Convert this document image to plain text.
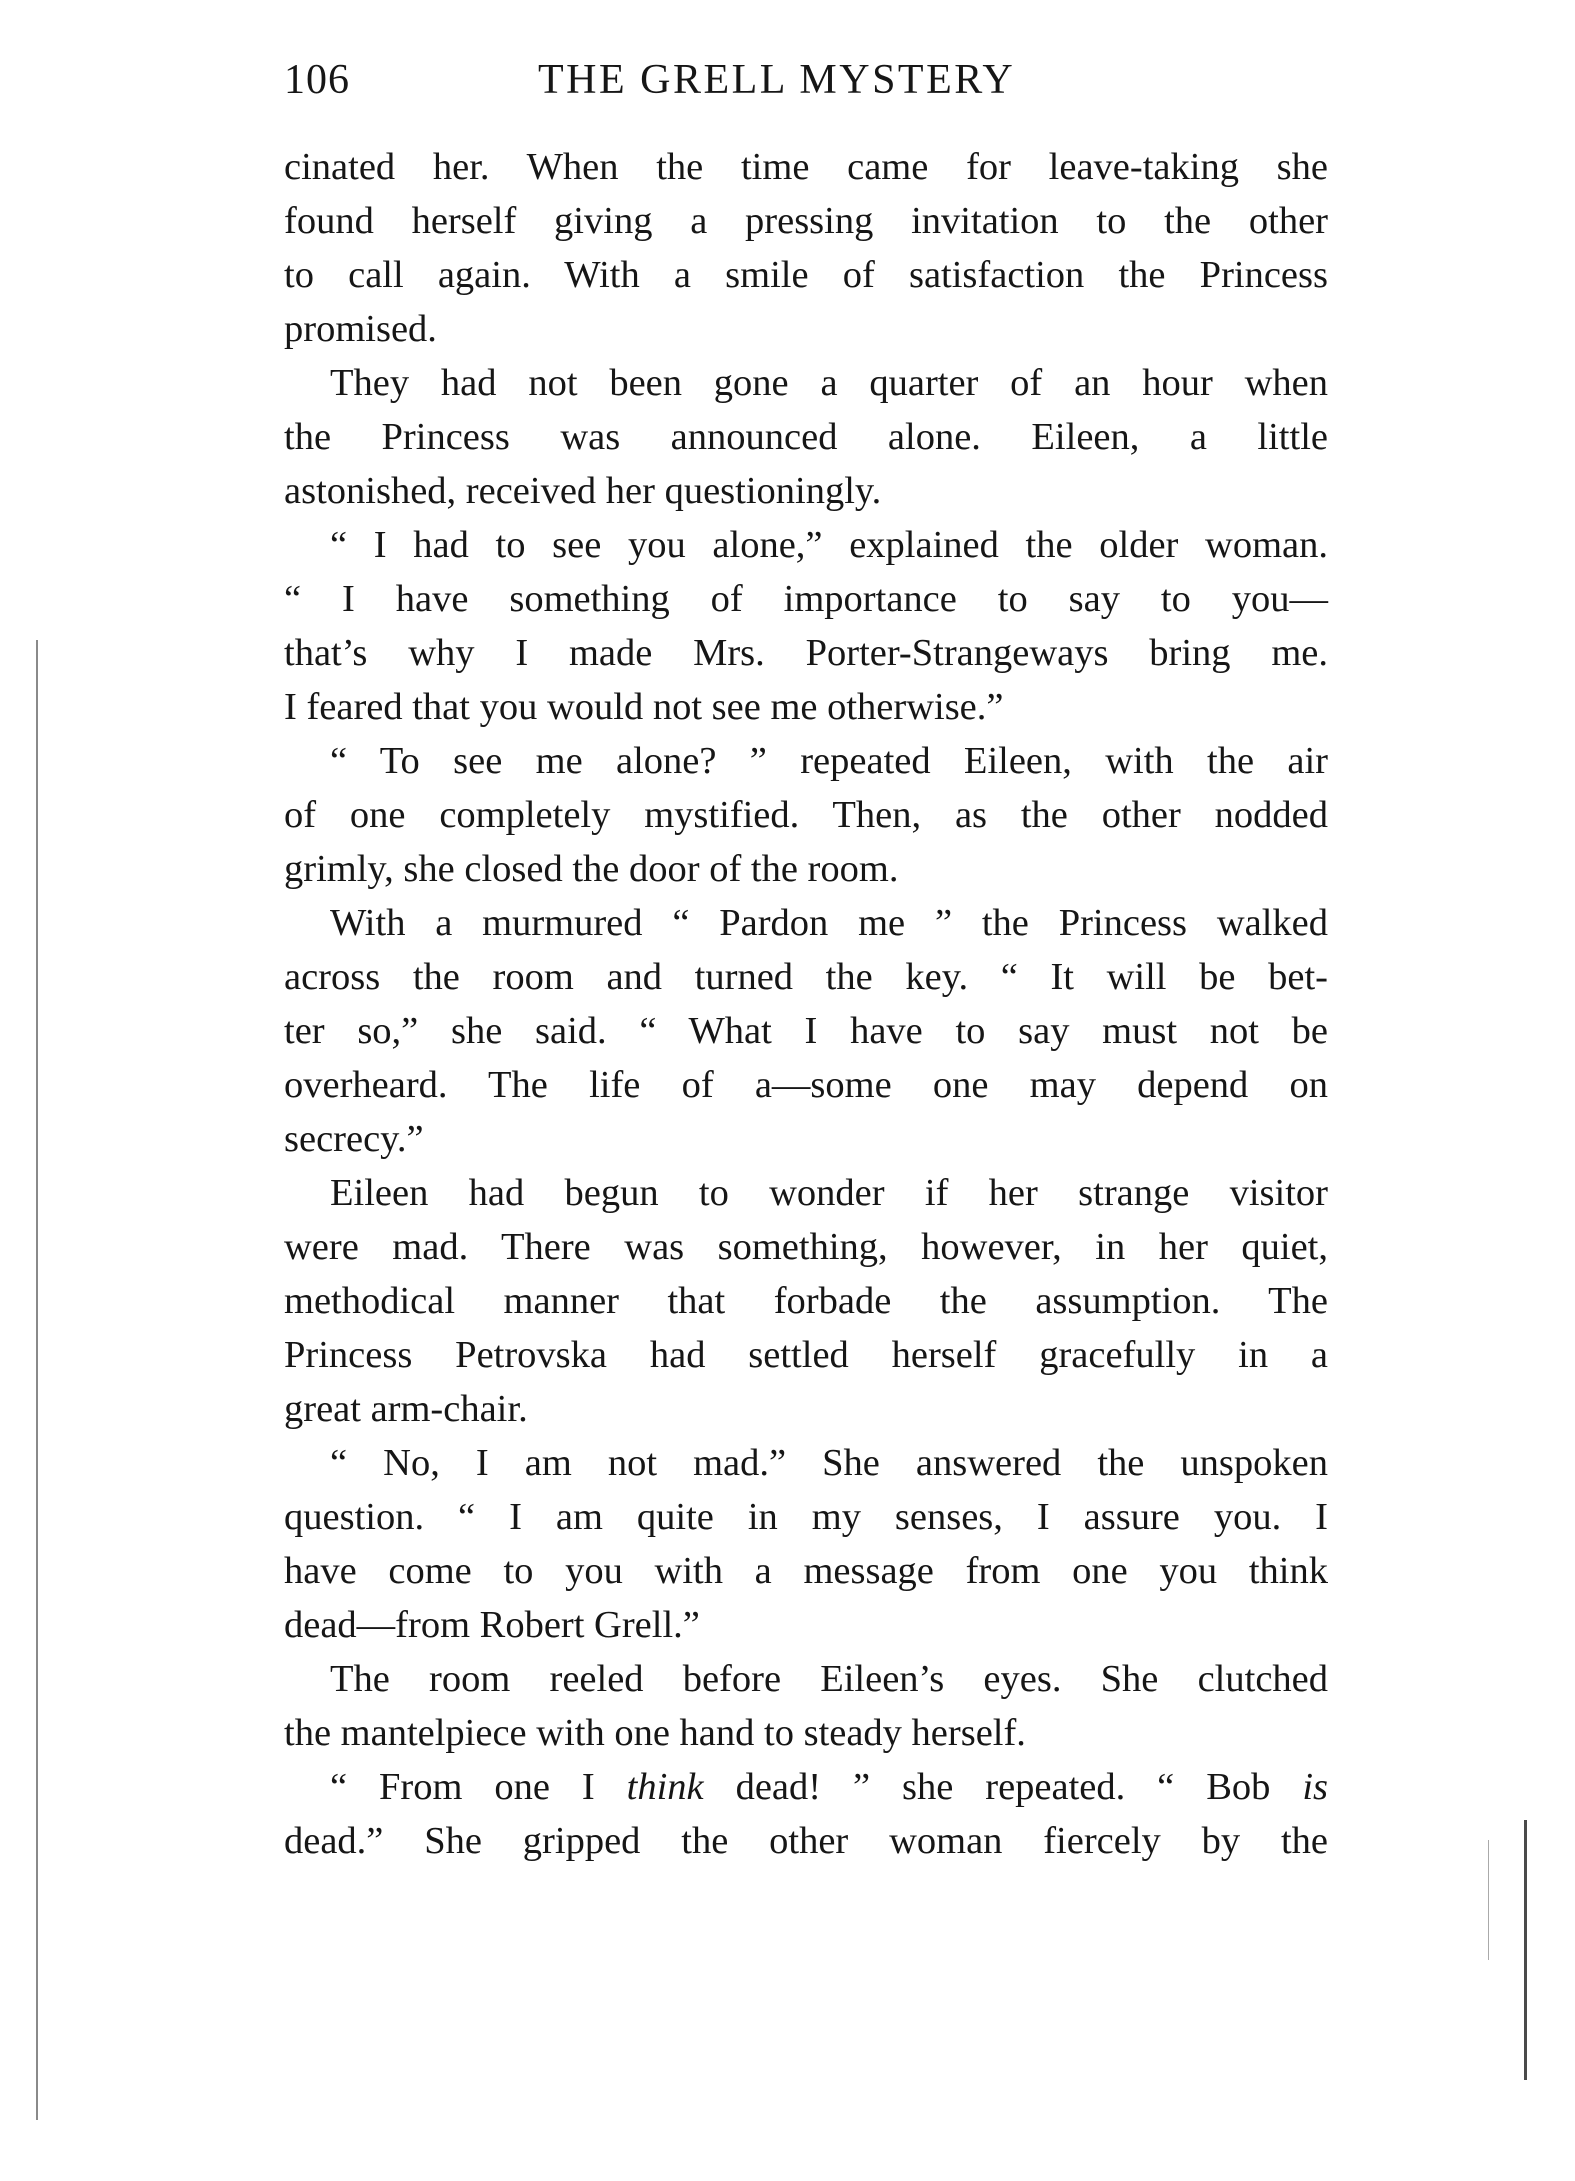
106	THE GRELL MYSTERY
cinated her. When the time came for leave-taking she
found herself giving a pressing invitation to the other
to call again. With a smile of satisfaction the Princess
promised.
They had not been gone a quarter of an hour when
the Princess was announced alone. Eileen, a little
astonished, received her questioningly.
“ I had to see you alone,” explained the older woman.
“ I have something of importance to say to you—
that’s why I made Mrs. Porter-Strangeways bring me.
I feared that you would not see me otherwise.”
“ To see me alone? ” repeated Eileen, with the air
of one completely mystified. Then, as the other nodded
grimly, she closed the door of the room.
With a murmured “ Pardon me ” the Princess walked
across the room and turned the key. “ It will be bet-
ter so,” she said. “ What I have to say must not be
overheard. The life of a—some one may depend on
secrecy.”
Eileen had begun to wonder if her strange visitor
were mad. There was something, however, in her quiet,
methodical manner that forbade the assumption. The
Princess Petrovska had settled herself gracefully in a
great arm-chair.
“ No, I am not mad.” She answered the unspoken
question. “ I am quite in my senses, I assure you. I
have come to you with a message from one you think
dead—from Robert Grell.”
The room reeled before Eileen’s eyes. She clutched
the mantelpiece with one hand to steady herself.
“ From one I think dead! ” she repeated. “ Bob is
dead.” She gripped the other woman fiercely by the
